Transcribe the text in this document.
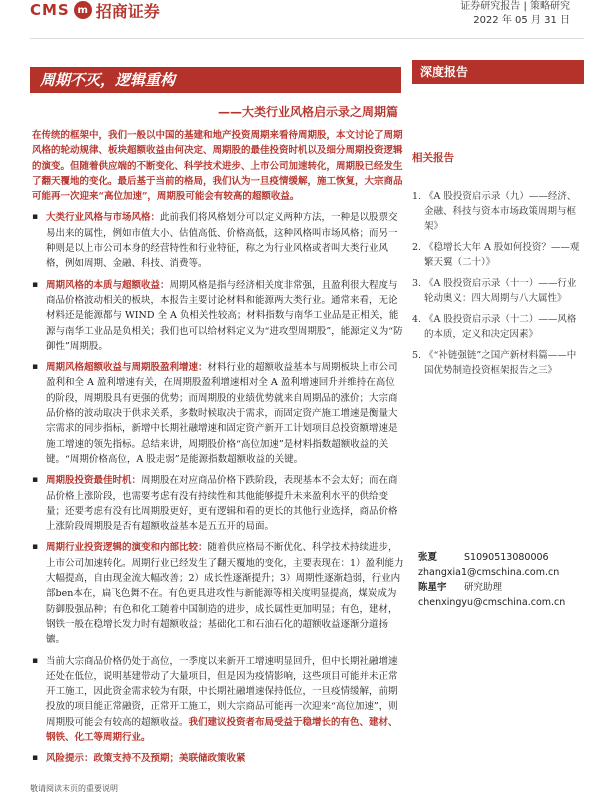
CMS m 招商证券	证券研究报告 | 策略研究
2022 年 05 月 31 日
周期不灭，逻辑重构
——大类行业风格启示录之周期篇
深度报告
相关报告
1. 《A 股投资启示录（九）——经济、金融、科技与资本市场政策周期与框架》
2. 《稳增长大年 A 股如何投资？——观繁天翼（二十）》
3. 《A 股投资启示录（十一）——行业轮动奥义：四大周期与八大属性》
4. 《A 股投资启示录（十二）——风格的本质，定义和决定因素》
5. 《“补链强链”之国产新材料篇——中国优势制造投资框架报告之三》
张夏	S1090513080006
zhangxia1@cmschina.com.cn
陈星宇 研究助理
chenxingyu@cmschina.com.cn

在传统的框架中，我们一般以中国的基建和地产投资周期来看待周期股，本文讨论了周期风格的轮动规律、板块超额收益由何决定、周期股的最佳投资时机以及细分周期投资逻辑的演变。但随着供应端的不断变化、科学技术进步、上市公司加速转化，周期股已经发生了翻天覆地的变化。最后基于当前的格局，我们认为一旦疫情缓解，施工恢复，大宗商品可能再一次迎来“高位加速”，周期股可能会有较高的超额收益。

▪ 大类行业风格与市场风格：此前我们将风格划分可以定义两种方法，一种是以股票交易出来的属性，例如市值大小、估值高低、价格高低，这种风格叫市场风格；而另一种则是以上市公司本身的经营特性和行业特征，称之为行业风格或者叫大类行业风格，例如周期、金融、科技、消费等。

▪ 周期风格的本质与超额收益：周期风格是指与经济相关度非常强，且盈利很大程度与商品价格波动相关的板块，本报告主要讨论材料和能源两大类行业。通常来看，无论材料还是能源都与 WIND 全 A 负相关性较高；材料指数与南华工业品是正相关，能源与南华工业品是负相关；我们也可以给材料定义为“进攻型周期股”，能源定义为“防御性”周期股。

▪ 周期风格超额收益与周期股盈利增速：材料行业的超额收益基本与周期板块上市公司盈利和全 A 盈利增速有关，在周期股盈利增速相对全 A 盈利增速回升并维持在高位的阶段，周期股具有更强的优势；而周期股的业绩优势就来自周期品的涨价；大宗商品价格的波动取决于供求关系，多数时候取决于需求，而固定资产施工增速是衡量大宗需求的同步指标，新增中长期社融增速和固定资产新开工计划项目总投资额增速是施工增速的领先指标。总结来讲，周期股价格“高位加速”是材料指数超额收益的关键。“周期价格高位，A 股走弱”是能源指数超额收益的关键。

▪ 周期股投资最佳时机：周期股在对应商品价格下跌阶段，表现基本不会太好；而在商品价格上涨阶段，也需要考虑有没有持续性和其他能够提升未来盈利水平的供给变量；还要考虑有没有比周期股更好，更有逻辑和看的更长的其他行业选择，商品价格上涨阶段周期股是否有超额收益基本是五五开的局面。

▪ 周期行业投资逻辑的演变和内部比较：随着供应格局不断优化、科学技术持续进步，上市公司加速转化。周期行业已经发生了翻天覆地的变化，主要表现在：1）盈利能力大幅提高，自由现金流大幅改善；2）成长性逐渐提升；3）周期性逐渐趋弱，行业内部ben本在，扁飞色舞不在。有色更具进攻性与新能源等相关度明显提高，煤炭成为防御股强品种；有色和化工随着中国制造的进步，成长属性更加明显；有色，建材，钢铁一般在稳增长发力时有超额收益；基础化工和石油石化的超额收益逐渐分道扬镳。

▪ 当前大宗商品价格仍处于高位，一季度以来新开工增速明显回升，但中长期社融增速还处在低位，说明基建带动了大量项目，但是因为疫情影响，这些项目可能并未正常开工施工，因此资金需求较为有限，中长期社融增速保持低位，一旦疫情缓解，前期投放的项目能正常融资，正常开工施工，则大宗商品可能再一次迎来“高位加速”，则周期股可能会有较高的超额收益。我们建议投资者布局受益于稳增长的有色、建材、钢铁、化工等周期行业。

▪ 风险提示：政策支持不及预期；美联储政策收紧

敬请阅读末页的重要说明
